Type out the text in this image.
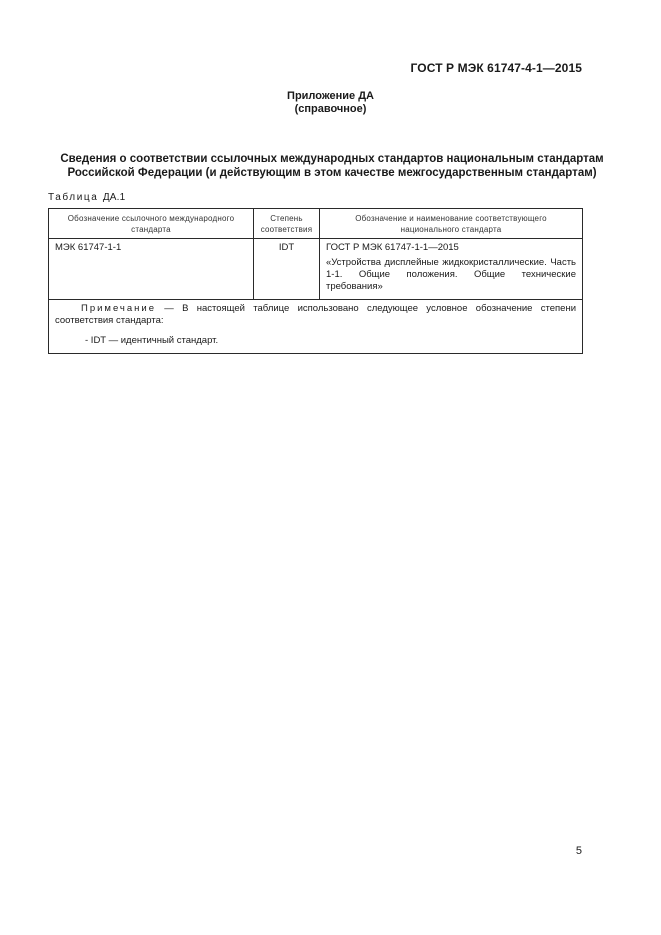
ГОСТ Р МЭК 61747-4-1—2015
Приложение ДА
(справочное)
Сведения о соответствии ссылочных международных стандартов национальным стандартам
Российской Федерации (и действующим в этом качестве межгосударственным стандартам)
Таблица ДА.1
Обозначение ссылочного международного стандарта	Степень соответствия	Обозначение и наименование соответствующего национального стандарта
МЭК 61747-1-1	IDT	ГОСТ Р МЭК 61747-1-1—2015
«Устройства дисплейные жидкокристаллические. Часть 1-1. Общие положения. Общие технические требования»

Примечание — В настоящей таблице использовано следующее условное обозначение степени соответствия стандарта:
- IDT — идентичный стандарт.		
5
